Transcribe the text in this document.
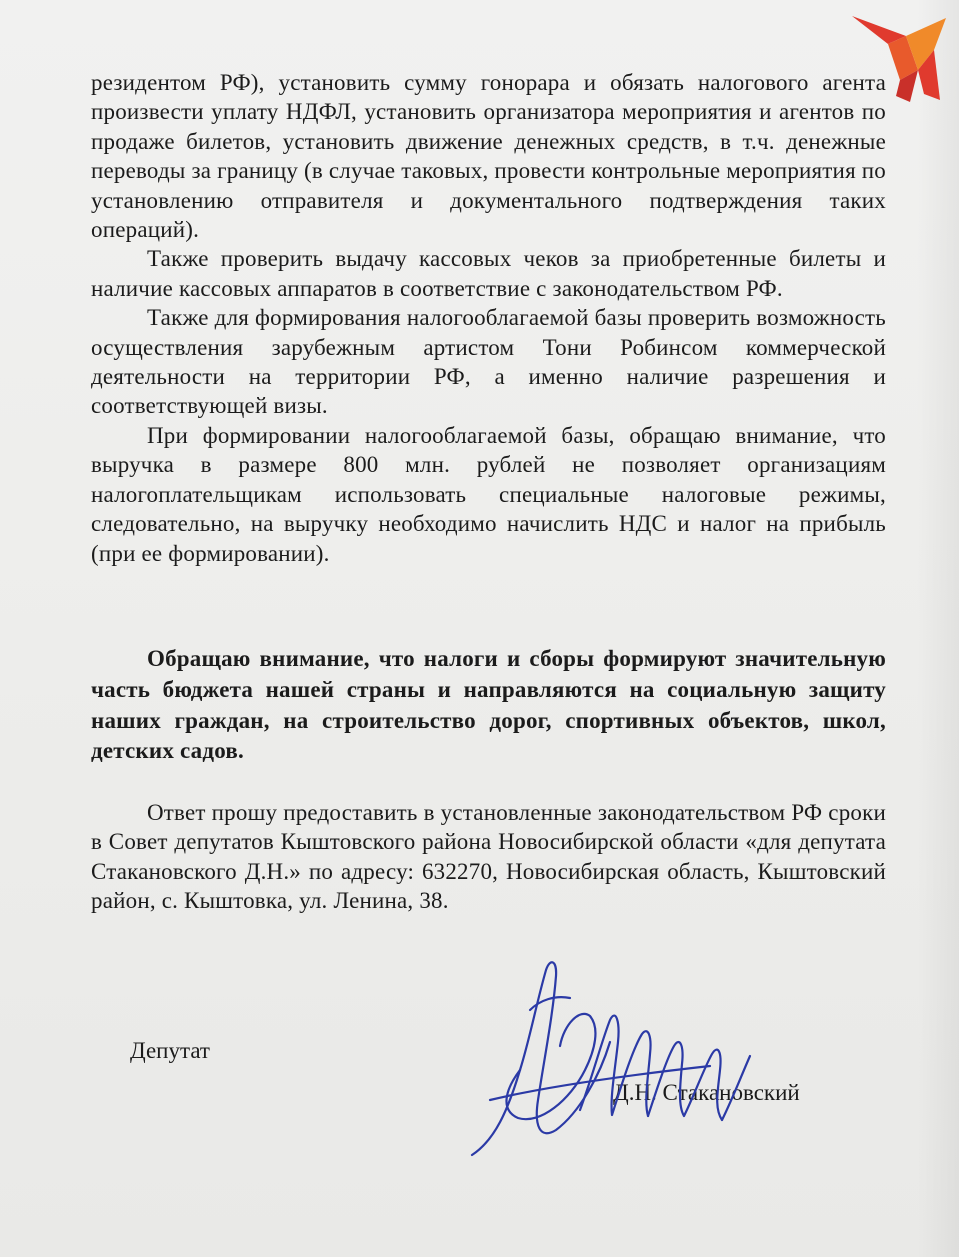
резидентом РФ), установить сумму гонорара и обязать налогового агента произвести уплату НДФЛ, установить организатора мероприятия и агентов по продаже билетов, установить движение денежных средств, в т.ч. денежные переводы за границу (в случае таковых, провести контрольные мероприятия по установлению отправителя и документального подтверждения таких операций).

Также проверить выдачу кассовых чеков за приобретенные билеты и наличие кассовых аппаратов в соответствие с законодательством РФ.

Также для формирования налогооблагаемой базы проверить возможность осуществления зарубежным артистом Тони Робинсом коммерческой деятельности на территории РФ, а именно наличие разрешения и соответствующей визы.

При формировании налогооблагаемой базы, обращаю внимание, что выручка в размере 800 млн. рублей не позволяет организациям налогоплательщикам использовать специальные налоговые режимы, следовательно, на выручку необходимо начислить НДС и налог на прибыль (при ее формировании).

Обращаю внимание, что налоги и сборы формируют значительную часть бюджета нашей страны и направляются на социальную защиту наших граждан, на строительство дорог, спортивных объектов, школ, детских садов.

Ответ прошу предоставить в установленные законодательством РФ сроки в Совет депутатов Кыштовского района Новосибирской области «для депутата Стакановского Д.Н.» по адресу: 632270, Новосибирская область, Кыштовский район, с. Кыштовка, ул. Ленина, 38.

Депутат
Д.Н. Стакановский
